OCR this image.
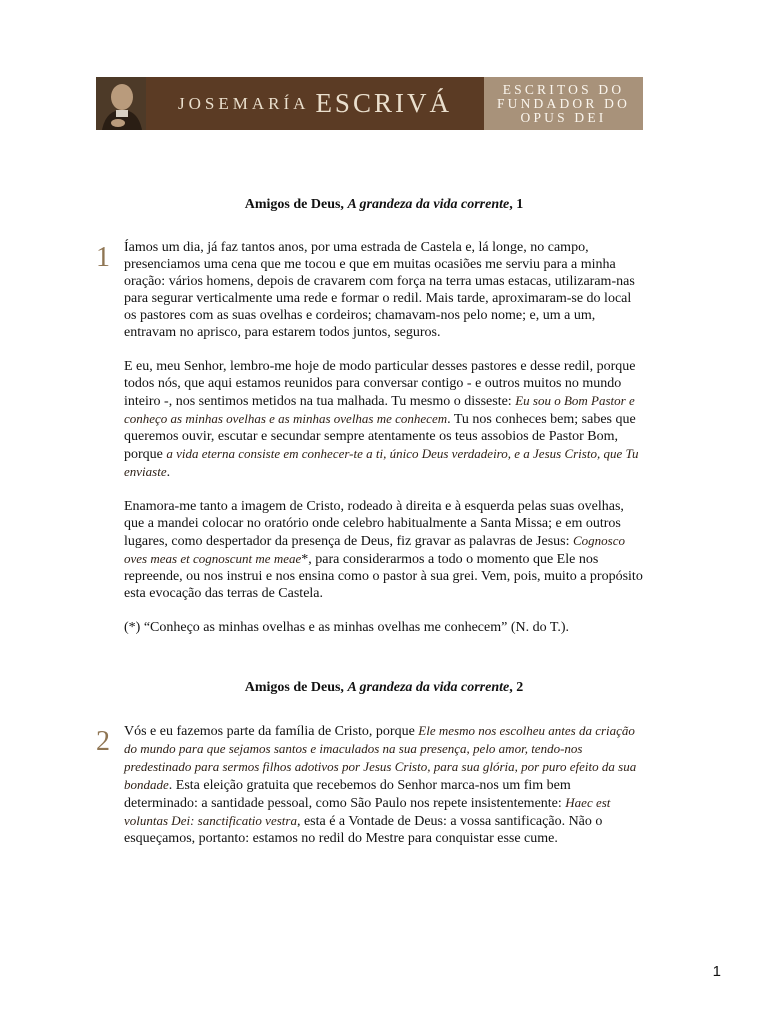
JOSEMARÍA ESCRIVÁ	ESCRITOS DO
FUNDADOR DO
OPUS DEI
Amigos de Deus, A grandeza da vida corrente, 1
1 Íamos um dia, já faz tantos anos, por uma estrada de Castela e, lá longe, no campo, presenciamos uma cena que me tocou e que em muitas ocasiões me serviu para a minha oração: vários homens, depois de cravarem com força na terra umas estacas, utilizaram-nas para segurar verticalmente uma rede e formar o redil. Mais tarde, aproximaram-se do local os pastores com as suas ovelhas e cordeiros; chamavam-nos pelo nome; e, um a um, entravam no aprisco, para estarem todos juntos, seguros.

E eu, meu Senhor, lembro-me hoje de modo particular desses pastores e desse redil, porque todos nós, que aqui estamos reunidos para conversar contigo - e outros muitos no mundo inteiro -, nos sentimos metidos na tua malhada. Tu mesmo o disseste: Eu sou o Bom Pastor e conheço as minhas ovelhas e as minhas ovelhas me conhecem. Tu nos conheces bem; sabes que queremos ouvir, escutar e secundar sempre atentamente os teus assobios de Pastor Bom, porque a vida eterna consiste em conhecer-te a ti, único Deus verdadeiro, e a Jesus Cristo, que Tu enviaste.

Enamora-me tanto a imagem de Cristo, rodeado à direita e à esquerda pelas suas ovelhas, que a mandei colocar no oratório onde celebro habitualmente a Santa Missa; e em outros lugares, como despertador da presença de Deus, fiz gravar as palavras de Jesus: Cognosco oves meas et cognoscunt me meae*, para considerarmos a todo o momento que Ele nos repreende, ou nos instrui e nos ensina como o pastor à sua grei. Vem, pois, muito a propósito esta evocação das terras de Castela.

(*) “Conheço as minhas ovelhas e as minhas ovelhas me conhecem” (N. do T.).

Amigos de Deus, A grandeza da vida corrente, 2
2 Vós e eu fazemos parte da família de Cristo, porque Ele mesmo nos escolheu antes da criação do mundo para que sejamos santos e imaculados na sua presença, pelo amor, tendo-nos predestinado para sermos filhos adotivos por Jesus Cristo, para sua glória, por puro efeito da sua bondade. Esta eleição gratuita que recebemos do Senhor marca-nos um fim bem determinado: a santidade pessoal, como São Paulo nos repete insistentemente: Haec est voluntas Dei: sanctificatio vestra, esta é a Vontade de Deus: a vossa santificação. Não o esqueçamos, portanto: estamos no redil do Mestre para conquistar esse cume.

1
